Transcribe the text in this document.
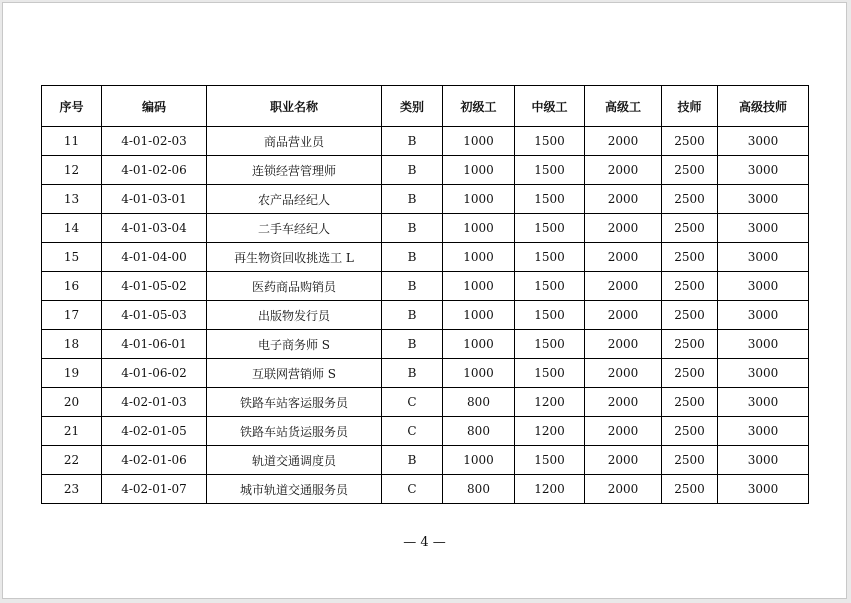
序号	编码	职业名称	类别	初级工	中级工	高级工	技师	高级技师
11	4-01-02-03	商品营业员	B	1000	1500	2000	2500	3000
12	4-01-02-06	连锁经营管理师	B	1000	1500	2000	2500	3000
13	4-01-03-01	农产品经纪人	B	1000	1500	2000	2500	3000
14	4-01-03-04	二手车经纪人	B	1000	1500	2000	2500	3000
15	4-01-04-00	再生物资回收挑选工 L	B	1000	1500	2000	2500	3000
16	4-01-05-02	医药商品购销员	B	1000	1500	2000	2500	3000
17	4-01-05-03	出版物发行员	B	1000	1500	2000	2500	3000
18	4-01-06-01	电子商务师 S	B	1000	1500	2000	2500	3000
19	4-01-06-02	互联网营销师 S	B	1000	1500	2000	2500	3000
20	4-02-01-03	铁路车站客运服务员	C	800	1200	2000	2500	3000
21	4-02-01-05	铁路车站货运服务员	C	800	1200	2000	2500	3000
22	4-02-01-06	轨道交通调度员	B	1000	1500	2000	2500	3000
23	4-02-01-07	城市轨道交通服务员	C	800	1200	2000	2500	3000
— 4 —
